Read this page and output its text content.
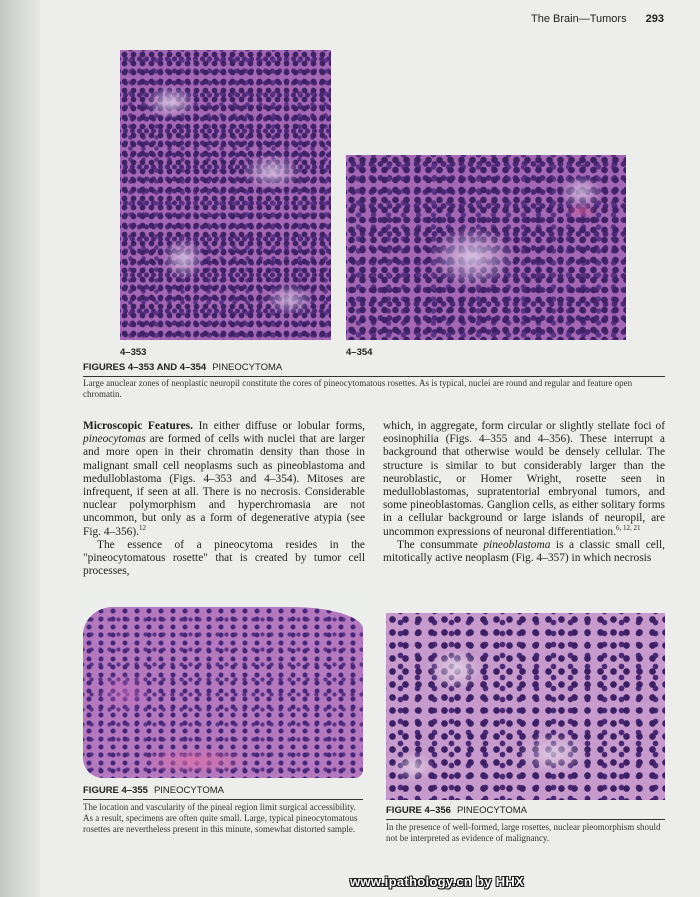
The Brain—Tumors 293
4–353	4–354
FIGURES 4–353 AND 4–354 PINEOCYTOMA
Large anuclear zones of neoplastic neuropil constitute the cores of pineocytomatous rosettes. As is typical, nuclei are round and regular and feature open chromatin.

Microscopic Features. In either diffuse or lobular forms, pineocytomas are formed of cells with nuclei that are larger and more open in their chromatin density than those in malignant small cell neoplasms such as pineoblastoma and medulloblastoma (Figs. 4–353 and 4–354). Mitoses are infrequent, if seen at all. There is no necrosis. Considerable nuclear polymorphism and hyperchromasia are not uncommon, but only as a form of degenerative atypia (see Fig. 4–356).$^{12}$

The essence of a pineocytoma resides in the "pineocytomatous rosette" that is created by tumor cell processes,

which, in aggregate, form circular or slightly stellate foci of eosinophilia (Figs. 4–355 and 4–356). These interrupt a background that otherwise would be densely cellular. The structure is similar to but considerably larger than the neuroblastic, or Homer Wright, rosette seen in medulloblastomas, supratentorial embryonal tumors, and some pineoblastomas. Ganglion cells, as either solitary forms in a cellular background or large islands of neuropil, are uncommon expressions of neuronal differentiation.$^{6, 12, 21}$

The consummate pineoblastoma is a classic small cell, mitotically active neoplasm (Fig. 4–357) in which necrosis

FIGURE 4–355 PINEOCYTOMA
The location and vascularity of the pineal region limit surgical accessibility. As a result, specimens are often quite small. Large, typical pineocytomatous rosettes are nevertheless present in this minute, somewhat distorted sample.
FIGURE 4–356 PINEOCYTOMA
In the presence of well-formed, large rosettes, nuclear pleomorphism should not be interpreted as evidence of malignancy.
www.ipathology.cn by HHX
